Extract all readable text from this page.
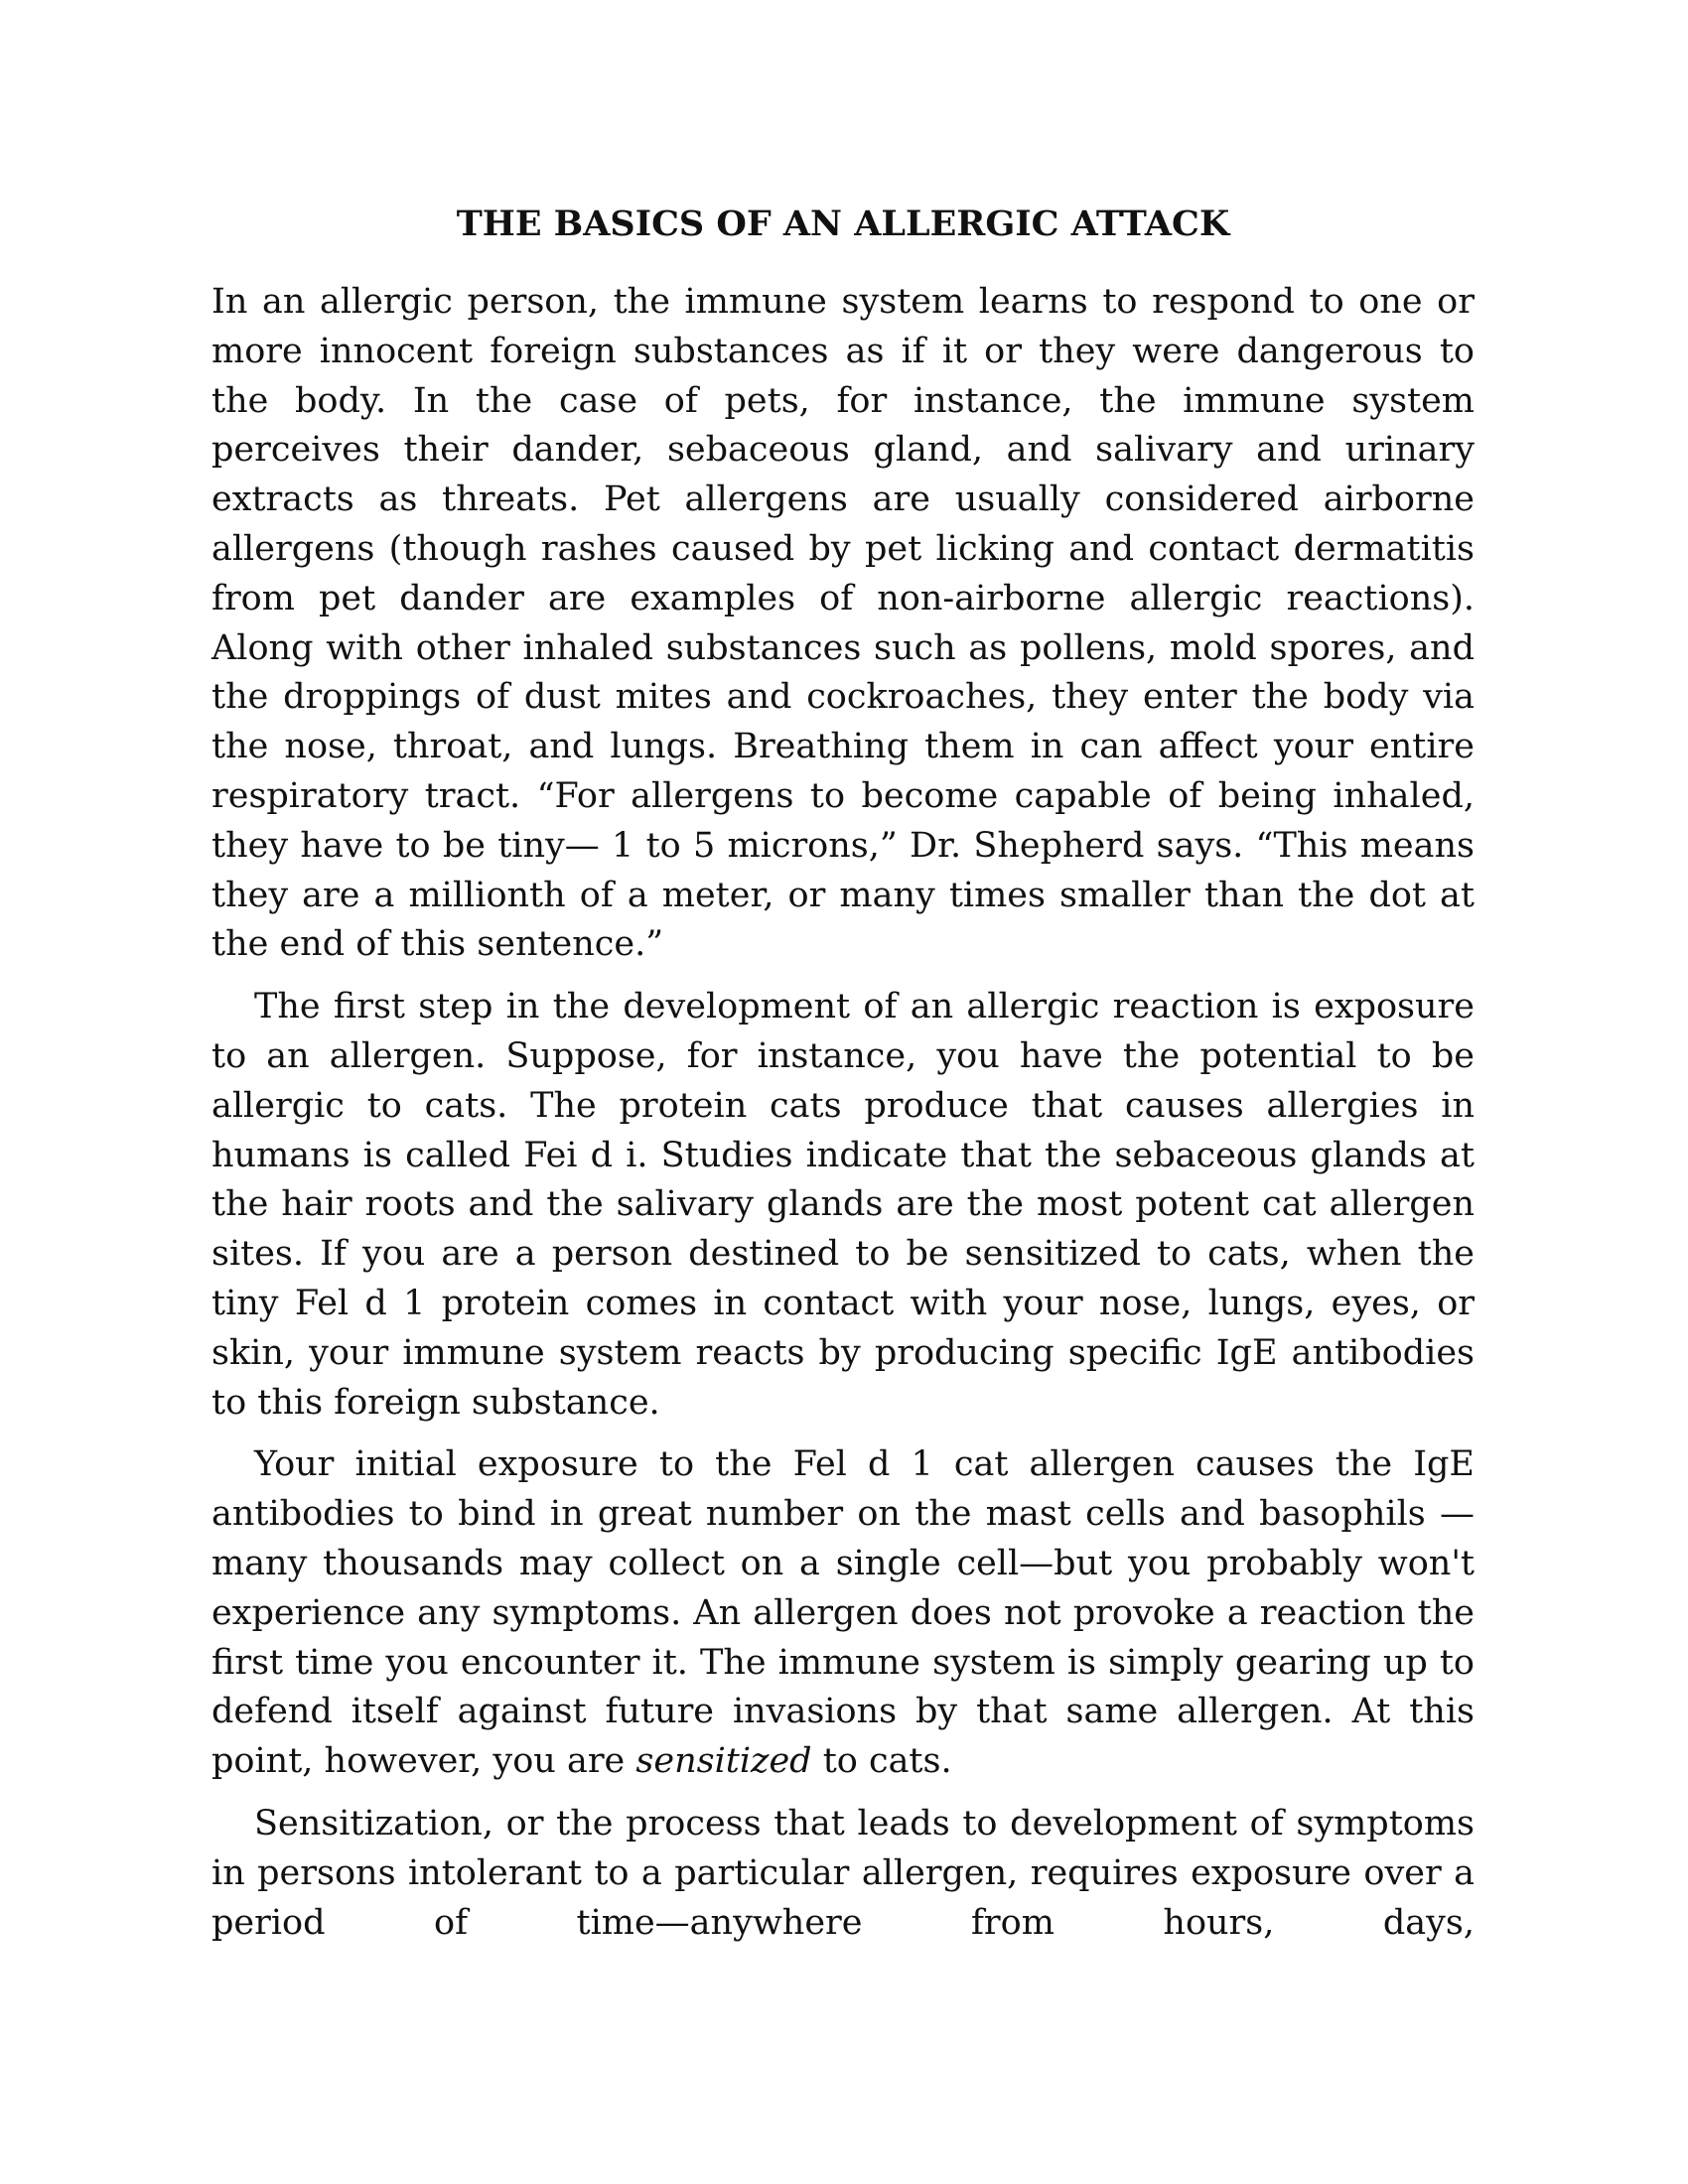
THE BASICS OF AN ALLERGIC ATTACK

In an allergic person, the immune system learns to respond to one or more innocent foreign substances as if it or they were dangerous to the body. In the case of pets, for instance, the immune system perceives their dander, sebaceous gland, and salivary and urinary extracts as threats. Pet allergens are usually considered airborne allergens (though rashes caused by pet licking and contact dermatitis from pet dander are examples of non-airborne allergic reactions). Along with other inhaled substances such as pollens, mold spores, and the droppings of dust mites and cockroaches, they enter the body via the nose, throat, and lungs. Breathing them in can affect your entire respiratory tract. “For allergens to become capable of being inhaled, they have to be tiny— 1 to 5 microns,” Dr. Shepherd says. “This means they are a millionth of a meter, or many times smaller than the dot at the end of this sentence.”

The first step in the development of an allergic reaction is exposure to an allergen. Suppose, for instance, you have the potential to be allergic to cats. The protein cats produce that causes allergies in humans is called Fei d i. Studies indicate that the sebaceous glands at the hair roots and the salivary glands are the most potent cat allergen sites. If you are a person destined to be sensitized to cats, when the tiny Fel d 1 protein comes in contact with your nose, lungs, eyes, or skin, your immune system reacts by producing specific IgE antibodies to this foreign substance.

Your initial exposure to the Fel d 1 cat allergen causes the IgE antibodies to bind in great number on the mast cells and basophils —many thousands may collect on a single cell—but you probably won't experience any symptoms. An allergen does not provoke a reaction the first time you encounter it. The immune system is simply gearing up to defend itself against future invasions by that same allergen. At this point, however, you are sensitized to cats.

Sensitization, or the process that leads to development of symptoms in persons intolerant to a particular allergen, requires exposure over a period of time—anywhere from hours, days,
